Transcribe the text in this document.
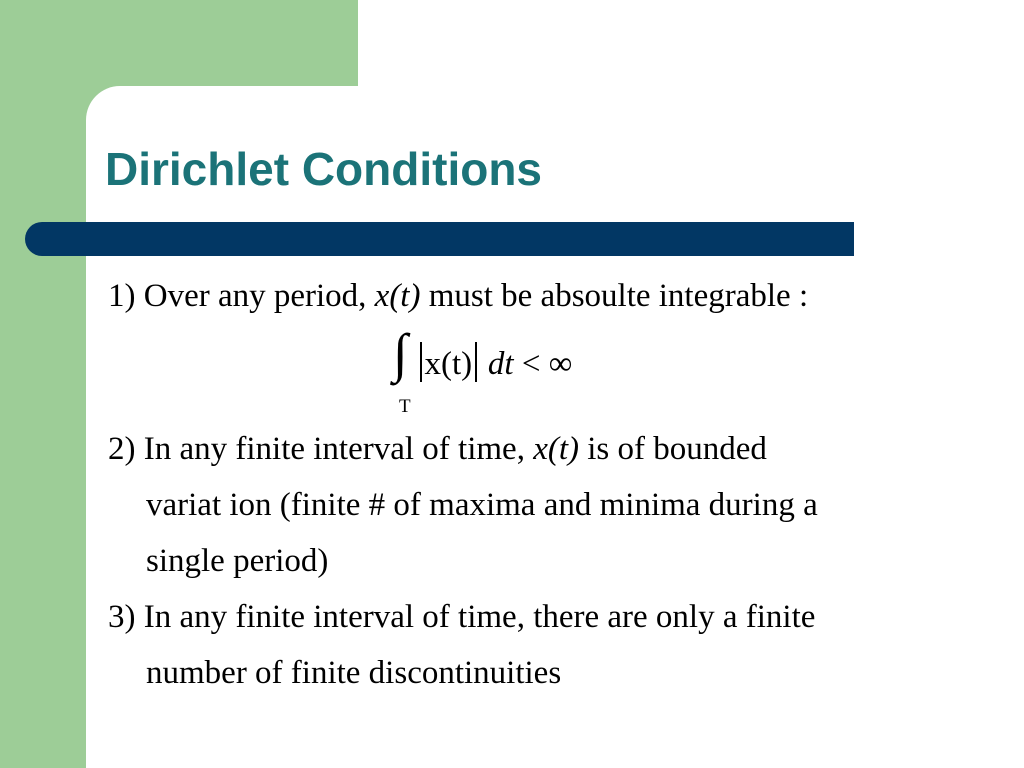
Dirichlet Conditions
1) Over any period, x(t) must be absoulte integrable :
∫ x(t) dt < ∞
T
2) In any finite interval of time, x(t) is of bounded
variat ion (finite # of maxima and minima during a
single period)
3) In any finite interval of time, there are only a finite
number of finite discontinuities
